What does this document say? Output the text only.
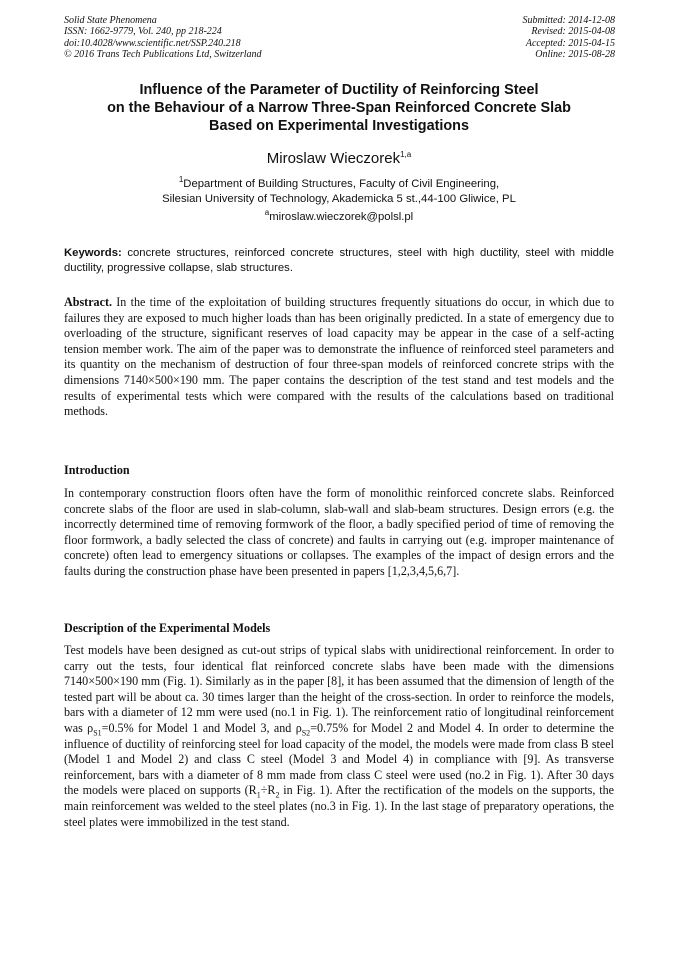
Solid State Phenomena
ISSN: 1662-9779, Vol. 240, pp 218-224
doi:10.4028/www.scientific.net/SSP.240.218
© 2016 Trans Tech Publications Ltd, Switzerland
Submitted: 2014-12-08
Revised: 2015-04-08
Accepted: 2015-04-15
Online: 2015-08-28
Influence of the Parameter of Ductility of Reinforcing Steel
on the Behaviour of a Narrow Three-Span Reinforced Concrete Slab
Based on Experimental Investigations
Miroslaw Wieczorek$^{1,a}$
$^1$Department of Building Structures, Faculty of Civil Engineering,
Silesian University of Technology, Akademicka 5 st.,44-100 Gliwice, PL
$^a$miroslaw.wieczorek@polsl.pl
Keywords: concrete structures, reinforced concrete structures, steel with high ductility, steel with middle ductility, progressive collapse, slab structures.
Abstract. In the time of the exploitation of building structures frequently situations do occur, in which due to failures they are exposed to much higher loads than has been originally predicted. In a state of emergency due to overloading of the structure, significant reserves of load capacity may be appear in the case of a self-acting tension member work. The aim of the paper was to demonstrate the influence of reinforced steel parameters and its quantity on the mechanism of destruction of four three-span models of reinforced concrete strips with the dimensions 7140×500×190 mm. The paper contains the description of the test stand and test models and the results of experimental tests which were compared with the results of the calculations based on traditional methods.
Introduction
In contemporary construction floors often have the form of monolithic reinforced concrete slabs. Reinforced concrete slabs of the floor are used in slab-column, slab-wall and slab-beam structures. Design errors (e.g. the incorrectly determined time of removing formwork of the floor, a badly specified period of time of removing the floor formwork, a badly selected the class of concrete) and faults in carrying out (e.g. improper maintenance of concrete) often lead to emergency situations or collapses. The examples of the impact of design errors and the faults during the construction phase have been presented in papers [1,2,3,4,5,6,7].
Description of the Experimental Models
Test models have been designed as cut-out strips of typical slabs with unidirectional reinforcement. In order to carry out the tests, four identical flat reinforced concrete slabs have been made with the dimensions 7140×500×190 mm (Fig. 1). Similarly as in the paper [8], it has been assumed that the dimension of length of the tested part will be about ca. 30 times larger than the height of the cross-section. In order to reinforce the models, bars with a diameter of 12 mm were used (no.1 in Fig. 1). The reinforcement ratio of longitudinal reinforcement was $\rho_{S1}=0.5\%$ for Model 1 and Model 3, and $\rho_{S2}=0.75\%$ for Model 2 and Model 4. In order to determine the influence of ductility of reinforcing steel for load capacity of the model, the models were made from class B steel (Model 1 and Model 2) and class C steel (Model 3 and Model 4) in compliance with [9]. As transverse reinforcement, bars with a diameter of 8 mm made from class C steel were used (no.2 in Fig. 1). After 30 days the models were placed on supports ($R_1\div R_2$ in Fig. 1). After the rectification of the models on the supports, the main reinforcement was welded to the steel plates (no.3 in Fig. 1). In the last stage of preparatory operations, the steel plates were immobilized in the test stand.
